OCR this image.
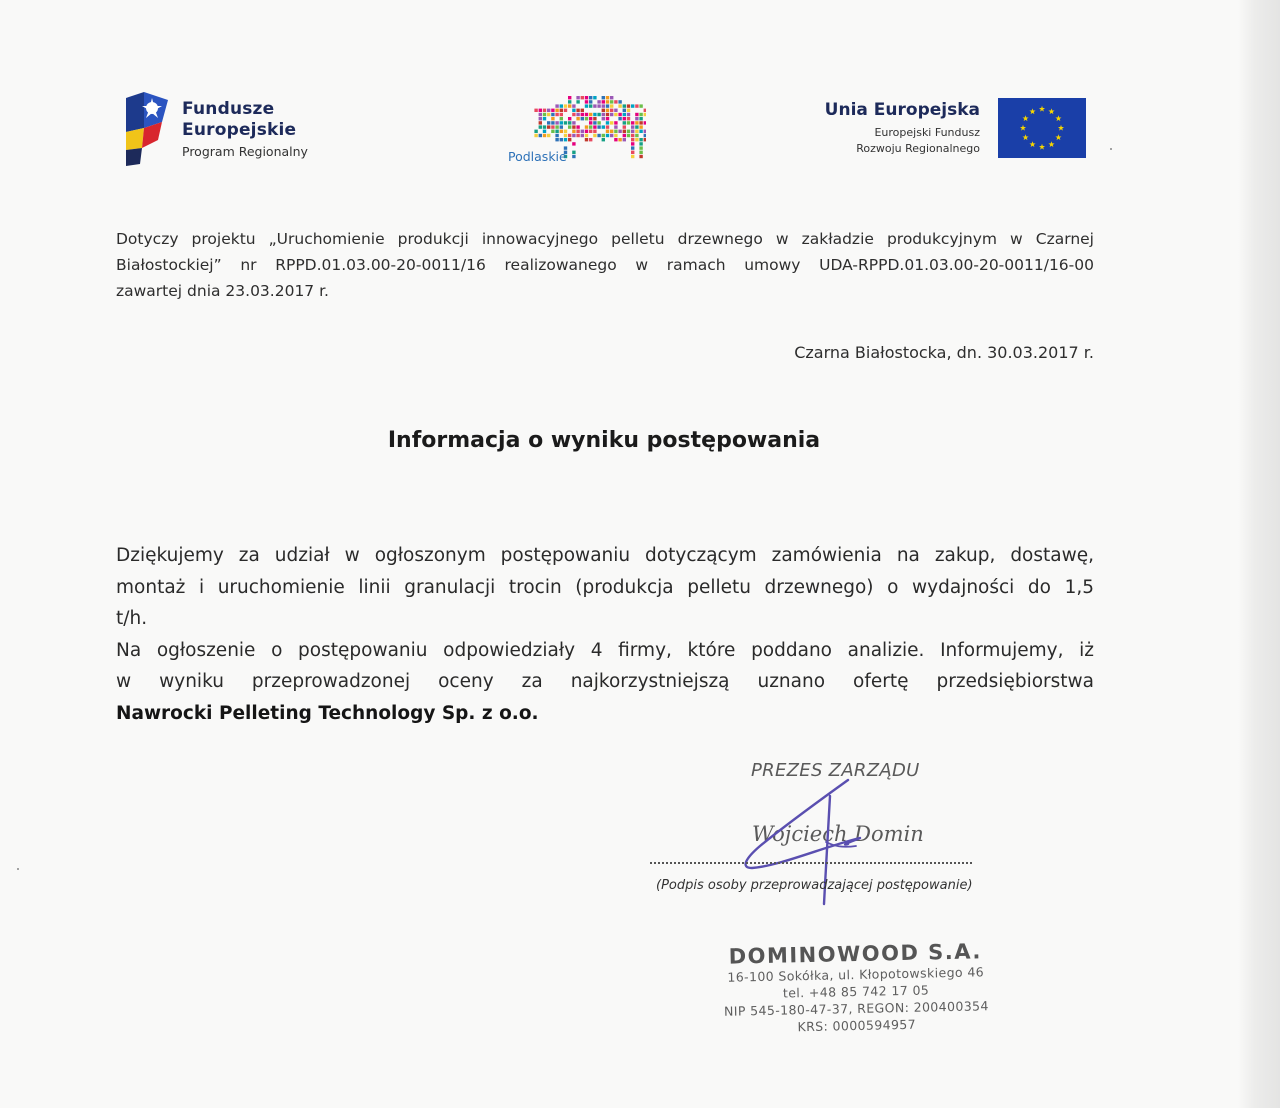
Fundusze
Europejskie
Program Regionalny	Podlaskie
Unia Europejska
Europejski Fundusz
Rozwoju Regionalnego
Dotyczy projektu „Uruchomienie produkcji innowacyjnego pelletu drzewnego w zakładzie produkcyjnym w Czarnej
Białostockiej” nr RPPD.01.03.00-20-0011/16 realizowanego w ramach umowy UDA-RPPD.01.03.00-20-0011/16-00
zawartej dnia 23.03.2017 r.
Czarna Białostocka, dn. 30.03.2017 r.
Informacja o wyniku postępowania
Dziękujemy za udział w ogłoszonym postępowaniu dotyczącym zamówienia na zakup, dostawę,
montaż i uruchomienie linii granulacji trocin (produkcja pelletu drzewnego) o wydajności do 1,5
t/h.
Na ogłoszenie o postępowaniu odpowiedziały 4 firmy, które poddano analizie. Informujemy, iż
w wyniku przeprowadzonej oceny za najkorzystniejszą uznano ofertę przedsiębiorstwa
Nawrocki Pelleting Technology Sp. z o.o.
PREZES ZARZĄDU
Wojciech Domin
(Podpis osoby przeprowadzającej postępowanie)
DOMINOWOOD S.A.
16-100 Sokółka, ul. Kłopotowskiego 46
tel. +48 85 742 17 05
NIP 545-180-47-37, REGON: 200400354
KRS: 0000594957
